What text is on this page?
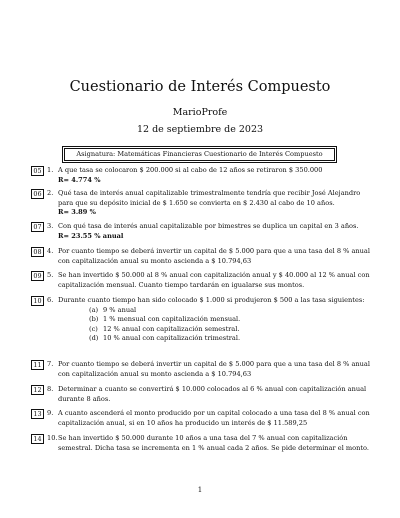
Cuestionario de Interés Compuesto
MarioProfe
12 de septiembre de 2023
Asignatura: Matemáticas Financieras Cuestionario de Interés Compuesto
05 1. A que tasa se colocaron $ 200.000 si al cabo de 12 años se retiraron $ 350.000
R= 4.774 %
06 2. Qué tasa de interés anual capitalizable trimestralmente tendría que recibir José Alejandro para que su depósito inicial de $ 1.650 se convierta en $ 2.430 al cabo de 10 años.
R= 3.89 %
07 3. Con qué tasa de interés anual capitalizable por bimestres se duplica un capital en 3 años.
R= 23.55 % anual
08 4. Por cuanto tiempo se deberá invertir un capital de $ 5.000 para que a una tasa del 8 % anual con capitalización anual su monto ascienda a $ 10.794,63
09 5. Se han invertido $ 50.000 al 8 % anual con capitalización anual y $ 40.000 al 12 % anual con capitalización mensual. Cuanto tiempo tardarán en igualarse sus montos.
10 6. Durante cuanto tiempo han sido colocado $ 1.000 si produjeron $ 500 a las tasa siguientes:
(a) 9 % anual
(b) 1 % mensual con capitalización mensual.
(c) 12 % anual con capitalización semestral.
(d) 10 % anual con capitalización trimestral.
11 7. Por cuanto tiempo se deberá invertir un capital de $ 5.000 para que a una tasa del 8 % anual con capitalización anual su monto ascienda a $ 10.794,63
12 8. Determinar a cuanto se convertirá $ 10.000 colocados al 6 % anual con capitalización anual durante 8 años.
13 9. A cuanto ascenderá el monto producido por un capital colocado a una tasa del 8 % anual con capitalización anual, si en 10 años ha producido un interés de $ 11.589,25
14 10. Se han invertido $ 50.000 durante 10 años a una tasa del 7 % anual con capitalización semestral. Dicha tasa se incrementa en 1 % anual cada 2 años. Se pide determinar el monto.
1
